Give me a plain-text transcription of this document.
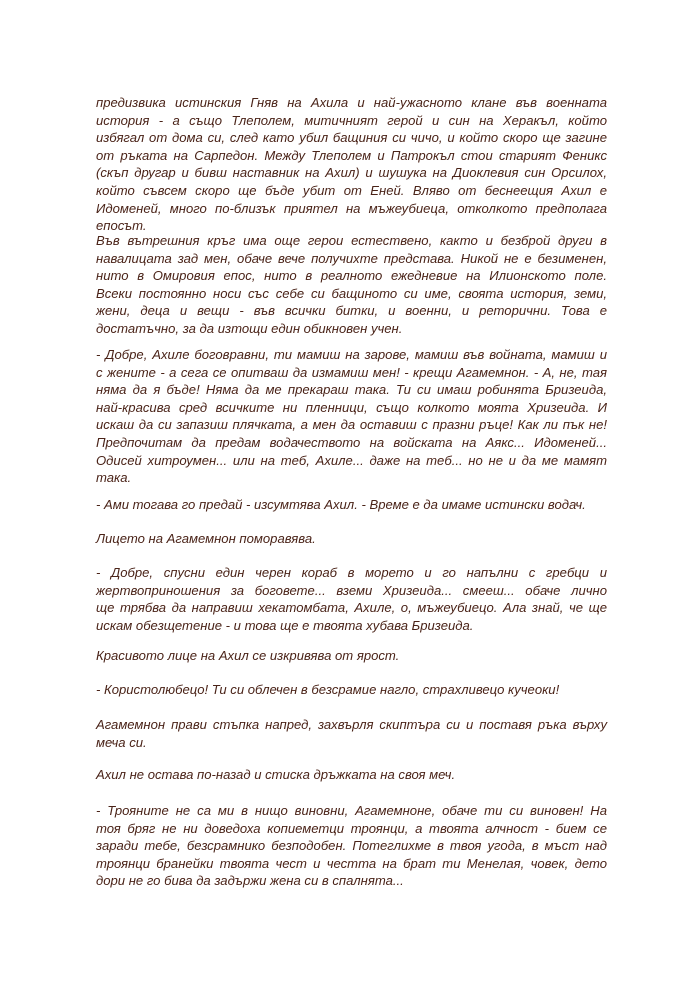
предизвика истинския Гняв на Ахила и най-ужасното клане във военната
история - а също Тлеполем, митичният герой и син на Херакъл, който
избягал от дома си, след като убил бащиния си чичо, и който скоро ще загине
от ръката на Сарпедон. Между Тлеполем и Патрокъл стои старият Феникс
(скъп другар и бивш наставник на Ахил) и шушука на Диоклевия син Орсилох,
който съвсем скоро ще бъде убит от Еней. Вляво от беснеещия Ахил е
Идоменей, много по-близък приятел на мъжеубиеца, отколкото предполага
епосът.
Във вътрешния кръг има още герои естествено, както и безброй други в
навалицата зад мен, обаче вече получихте представа. Никой не е безименен,
нито в Омировия епос, нито в реалното ежедневие на Илионското поле.
Всеки постоянно носи със себе си бащиното си име, своята история, земи,
жени, деца и вещи - във всички битки, и военни, и реторични. Това е
достатъчно, за да изтощи един обикновен учен.
- Добре, Ахиле боговравни, ти мамиш на зарове, мамиш във войната, мамиш и
с жените - а сега се опитваш да измамиш мен! - крещи Агамемнон. - А, не, тая
няма да я бъде! Няма да ме прекараш така. Ти си имаш робинята Бризеида,
най-красива сред всичките ни пленници, също колкото моята Хризеида. И
искаш да си запазиш плячката, а мен да оставиш с празни ръце! Как ли пък не!
Предпочитам да предам водачеството на войската на Аякс... Идоменей...
Одисей хитроумен... или на теб, Ахиле... даже на теб... но не и да ме мамят
така.
- Ами тогава го предай - изсумтява Ахил. - Време е да имаме истински водач.
Лицето на Агамемнон поморавява.
- Добре, спусни един черен кораб в морето и го напълни с гребци и
жертвоприношения за боговете... вземи Хризеида... смееш... обаче лично
ще трябва да направиш хекатомбата, Ахиле, о, мъжеубиецо. Ала знай, че ще
искам обезщетение - и това ще е твоята хубава Бризеида.
Красивото лице на Ахил се изкривява от ярост.
- Користолюбецо! Ти си облечен в безсрамие нагло, страхливецо кучеоки!
Агамемнон прави стъпка напред, захвърля скиптъра си и поставя ръка върху
меча си.
Ахил не остава по-назад и стиска дръжката на своя меч.
- Трояните не са ми в нищо виновни, Агамемноне, обаче ти си виновен! На
тоя бряг не ни доведоха копиеметци троянци, а твоята алчност - бием се
заради тебе, безсрамнико безподобен. Потеглихме в твоя угода, в мъст над
троянци бранейки твоята чест и честта на брат ти Менелая, човек, дето
дори не го бива да задържи жена си в спалнята...
